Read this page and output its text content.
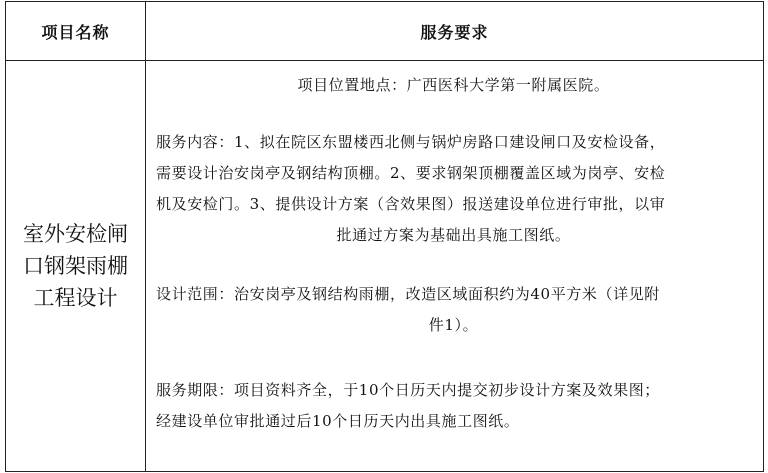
项目名称	服务要求
室外安检闸
口钢架雨棚
工程设计

项目位置地点：广西医科大学第一附属医院。

服务内容：1、拟在院区东盟楼西北侧与锅炉房路口建设闸口及安检设备，

需要设计治安岗亭及钢结构顶棚。2、要求钢架顶棚覆盖区域为岗亭、安检

机及安检门。3、提供设计方案（含效果图）报送建设单位进行审批，以审

批通过方案为基础出具施工图纸。

设计范围：治安岗亭及钢结构雨棚，改造区域面积约为40平方米（详见附

件1）。

服务期限：项目资料齐全，于10个日历天内提交初步设计方案及效果图；

经建设单位审批通过后10个日历天内出具施工图纸。
